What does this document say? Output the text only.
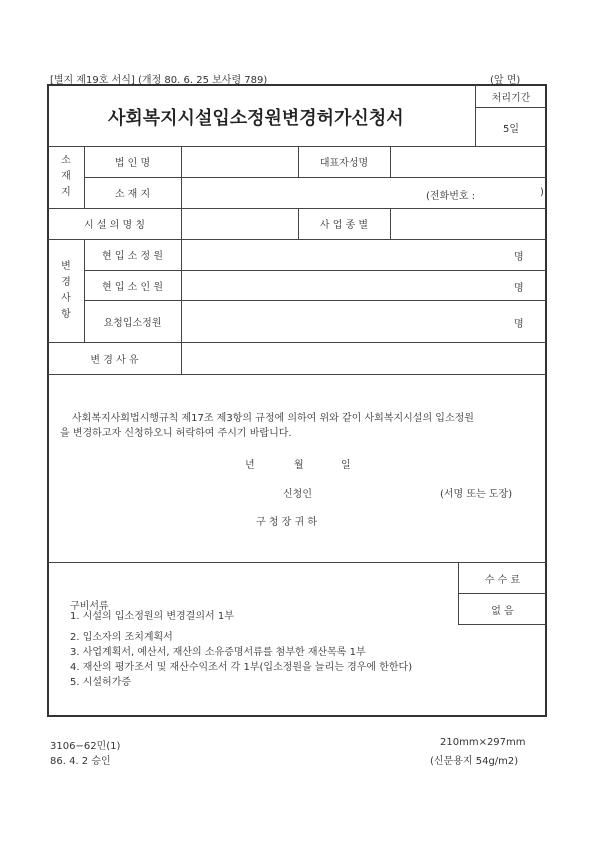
[별지 제19호 서식] (개정 80. 6. 25 보사령 789)	(앞 면)
사회복지시설입소정원변경허가신청서
처리기간
5일
소
재
지
법 인 명	대표자성명
소 재 지	(전화번호 :	)
시 설 의 명 칭	사 업 종 별
변
경
사
항
현 입 소 정 원	명
현 입 소 인 원	명
요청입소정원	명
변 경 사 유
사회복지사회법시행규칙 제17조 제3항의 규정에 의하여 위와 같이 사회복지시설의 입소정원
을 변경하고자 신청하오니 허락하여 주시기 바랍니다.
년	월	일
신청인	(서명 또는 도장)
구 청 장 귀 하
구비서류
1. 시설의 입소정원의 변경결의서 1부
2. 입소자의 조치계획서
3. 사업계획서, 예산서, 재산의 소유증명서류를 첨부한 재산목록 1부
4. 재산의 평가조서 및 재산수익조서 각 1부(입소정원을 늘리는 경우에 한한다)
5. 시설허가증
수 수 료
없 음
3106−62민(1)
86. 4. 2 승인
210mm×297mm
(신문용지 54g/m2)
